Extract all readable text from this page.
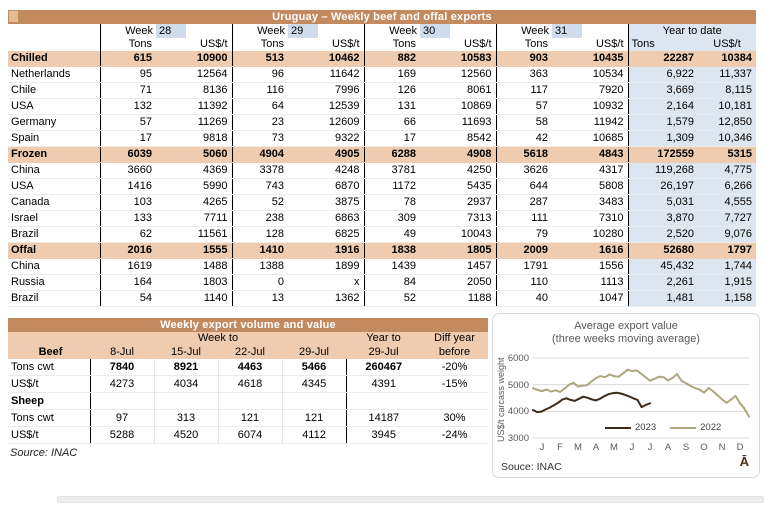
Uruguay – Weekly beef and offal exports
	Week	28	Week	29	Week	30	Week	31	Year to date	
	Tons	US$/t	Tons	US$/t	Tons	US$/t	Tons	US$/t	Tons	US$/t
Chilled	615	10900	513	10462	882	10583	903	10435	22287	10384
Netherlands	95	12564	96	11642	169	12560	363	10534	6,922	11,337
Chile	71	8136	116	7996	126	8061	117	7920	3,669	8,115
USA	132	11392	64	12539	131	10869	57	10932	2,164	10,181
Germany	57	11269	23	12609	66	11693	58	11942	1,579	12,850
Spain	17	9818	73	9322	17	8542	42	10685	1,309	10,346
Frozen	6039	5060	4904	4905	6288	4908	5618	4843	172559	5315
China	3660	4369	3378	4248	3781	4250	3626	4317	119,268	4,775
USA	1416	5990	743	6870	1172	5435	644	5808	26,197	6,266
Canada	103	4265	52	3875	78	2937	287	3483	5,031	4,555
Israel	133	7711	238	6863	309	7313	111	7310	3,870	7,727
Brazil	62	11561	128	6825	49	10043	79	10280	2,520	9,076
Offal	2016	1555	1410	1916	1838	1805	2009	1616	52680	1797
China	1619	1488	1388	1899	1439	1457	1791	1556	45,432	1,744
Russia	164	1803	0	x	84	2050	110	1113	2,261	1,915
Brazil	54	1140	13	1362	52	1188	40	1047	1,481	1,158
Weekly export volume and value
	Week to				Year to	Diff year
Beef	8-Jul	15-Jul	22-Jul	29-Jul	29-Jul	before
Tons cwt	7840	8921	4463	5466	260467	-20%
US$/t	4273	4034	4618	4345	4391	-15%
Sheep						
Tons cwt	97	313	121	121	14187	30%
US$/t	5288	4520	6074	4112	3945	-24%
Source: INAC
Average export value
(three weeks moving average)
US$/t carcass weight 3000
4000
5000
6000
J	F	M	A	M	J	J	A	S	O	N	D
2023	2022
Souce: INAC	Ā
